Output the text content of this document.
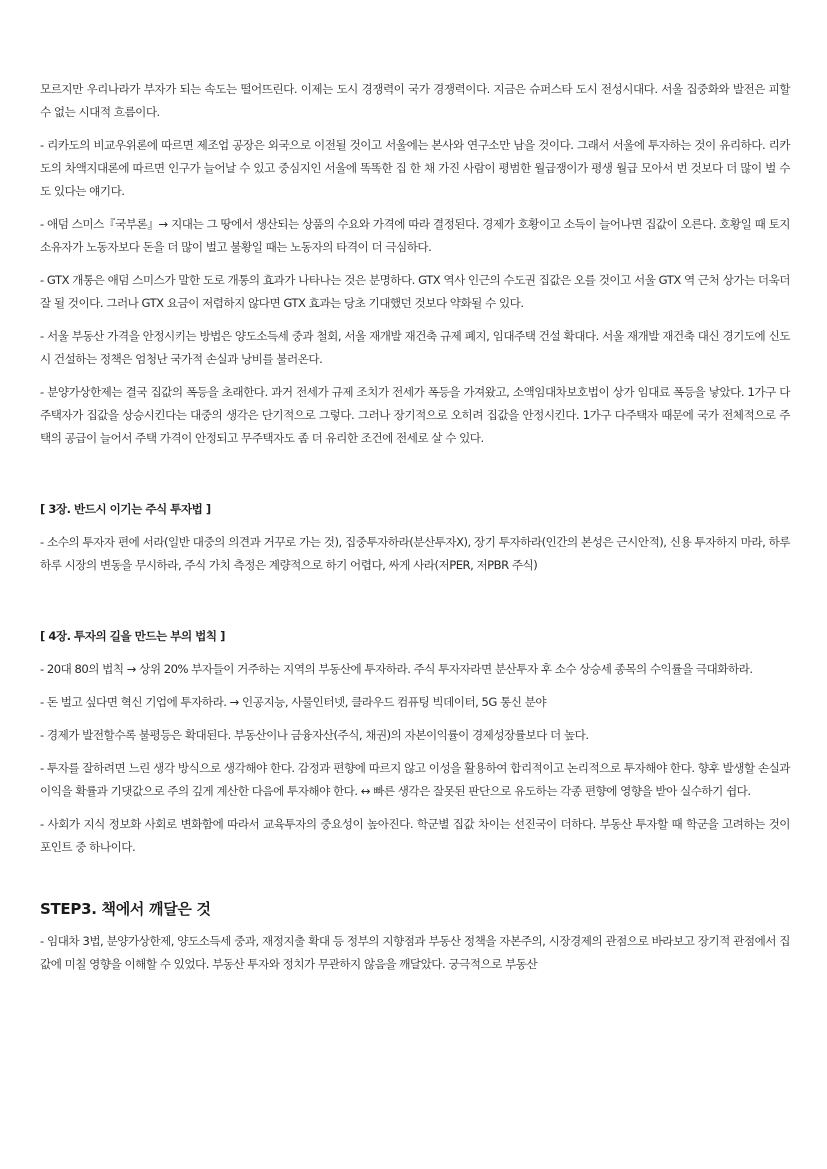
모르지만 우리나라가 부자가 되는 속도는 떨어뜨린다. 이제는 도시 경쟁력이 국가 경쟁력이다. 지금은 슈퍼스타 도시 전성시대다. 서울 집중화와 발전은 피할 수 없는 시대적 흐름이다.

- 리카도의 비교우위론에 따르면 제조업 공장은 외국으로 이전될 것이고 서울에는 본사와 연구소만 남을 것이다. 그래서 서울에 투자하는 것이 유리하다. 리카도의 차액지대론에 따르면 인구가 늘어날 수 있고 중심지인 서울에 똑똑한 집 한 채 가진 사람이 평범한 월급쟁이가 평생 월급 모아서 번 것보다 더 많이 벌 수도 있다는 얘기다.

- 애덤 스미스『국부론』→ 지대는 그 땅에서 생산되는 상품의 수요와 가격에 따라 결정된다. 경제가 호황이고 소득이 늘어나면 집값이 오른다. 호황일 때 토지 소유자가 노동자보다 돈을 더 많이 벌고 불황일 때는 노동자의 타격이 더 극심하다.

- GTX 개통은 애덤 스미스가 말한 도로 개통의 효과가 나타나는 것은 분명하다. GTX 역사 인근의 수도권 집값은 오를 것이고 서울 GTX 역 근처 상가는 더욱더 잘 될 것이다. 그러나 GTX 요금이 저렴하지 않다면 GTX 효과는 당초 기대했던 것보다 약화될 수 있다.

- 서울 부동산 가격을 안정시키는 방법은 양도소득세 중과 철회, 서울 재개발 재건축 규제 폐지, 임대주택 건설 확대다. 서울 재개발 재건축 대신 경기도에 신도시 건설하는 정책은 엄청난 국가적 손실과 낭비를 불러온다.

- 분양가상한제는 결국 집값의 폭등을 초래한다. 과거 전세가 규제 조치가 전세가 폭등을 가져왔고, 소액임대차보호법이 상가 임대료 폭등을 낳았다. 1가구 다주택자가 집값을 상승시킨다는 대중의 생각은 단기적으로 그렇다. 그러나 장기적으로 오히려 집값을 안정시킨다. 1가구 다주택자 때문에 국가 전체적으로 주택의 공급이 늘어서 주택 가격이 안정되고 무주택자도 좀 더 유리한 조건에 전세로 살 수 있다.

[ 3장. 반드시 이기는 주식 투자법 ]

- 소수의 투자자 편에 서라(일반 대중의 의견과 거꾸로 가는 것), 집중투자하라(분산투자X), 장기 투자하라(인간의 본성은 근시안적), 신용 투자하지 마라, 하루하루 시장의 변동을 무시하라, 주식 가치 측정은 계량적으로 하기 어렵다, 싸게 사라(저PER, 저PBR 주식)

[ 4장. 투자의 길을 만드는 부의 법칙 ]

- 20대 80의 법칙 → 상위 20% 부자들이 거주하는 지역의 부동산에 투자하라. 주식 투자자라면 분산투자 후 소수 상승세 종목의 수익률을 극대화하라.

- 돈 벌고 싶다면 혁신 기업에 투자하라. → 인공지능, 사물인터넷, 클라우드 컴퓨팅 빅데이터, 5G 통신 분야

- 경제가 발전할수록 불평등은 확대된다. 부동산이나 금융자산(주식, 채권)의 자본이익률이 경제성장률보다 더 높다.

- 투자를 잘하려면 느린 생각 방식으로 생각해야 한다. 감정과 편향에 따르지 않고 이성을 활용하여 합리적이고 논리적으로 투자해야 한다. 향후 발생할 손실과 이익을 확률과 기댓값으로 주의 깊게 계산한 다음에 투자해야 한다. ↔ 빠른 생각은 잘못된 판단으로 유도하는 각종 편향에 영향을 받아 실수하기 쉽다.

- 사회가 지식 정보화 사회로 변화함에 따라서 교육투자의 중요성이 높아진다. 학군별 집값 차이는 선진국이 더하다. 부동산 투자할 때 학군을 고려하는 것이 포인트 중 하나이다.

STEP3. 책에서 깨달은 것

- 임대차 3법, 분양가상한제, 양도소득세 중과, 재정지출 확대 등 정부의 지향점과 부동산 정책을 자본주의, 시장경제의 관점으로 바라보고 장기적 관점에서 집값에 미칠 영향을 이해할 수 있었다. 부동산 투자와 정치가 무관하지 않음을 깨달았다. 궁극적으로 부동산
